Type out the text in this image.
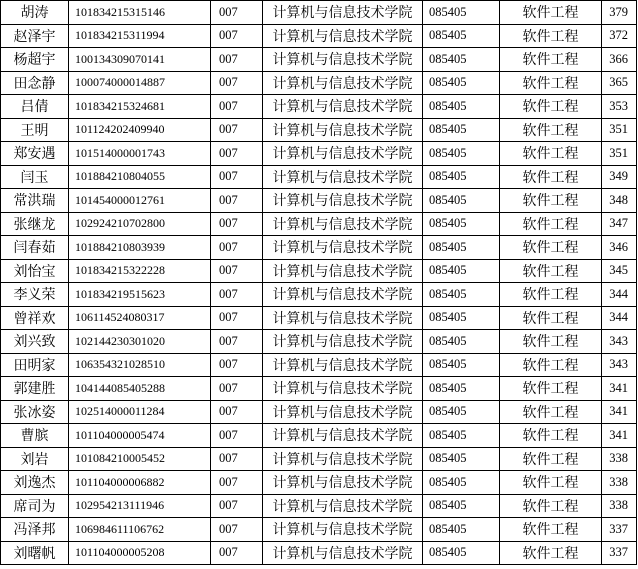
胡涛	101834215315146	007	计算机与信息技术学院	085405	软件工程	379
赵泽宇	101834215311994	007	计算机与信息技术学院	085405	软件工程	372
杨超宇	100134309070141	007	计算机与信息技术学院	085405	软件工程	366
田念静	100074000014887	007	计算机与信息技术学院	085405	软件工程	365
吕倩	101834215324681	007	计算机与信息技术学院	085405	软件工程	353
王明	101124202409940	007	计算机与信息技术学院	085405	软件工程	351
郑安遇	101514000001743	007	计算机与信息技术学院	085405	软件工程	351
闫玉	101884210804055	007	计算机与信息技术学院	085405	软件工程	349
常洪瑞	101454000012761	007	计算机与信息技术学院	085405	软件工程	348
张继龙	102924210702800	007	计算机与信息技术学院	085405	软件工程	347
闫春茹	101884210803939	007	计算机与信息技术学院	085405	软件工程	346
刘怡宝	101834215322228	007	计算机与信息技术学院	085405	软件工程	345
李义荣	101834219515623	007	计算机与信息技术学院	085405	软件工程	344
曾祥欢	106114524080317	007	计算机与信息技术学院	085405	软件工程	344
刘兴致	102144230301020	007	计算机与信息技术学院	085405	软件工程	343
田明家	106354321028510	007	计算机与信息技术学院	085405	软件工程	343
郭建胜	104144085405288	007	计算机与信息技术学院	085405	软件工程	341
张冰姿	102514000011284	007	计算机与信息技术学院	085405	软件工程	341
曹膑	101104000005474	007	计算机与信息技术学院	085405	软件工程	341
刘岩	101084210005452	007	计算机与信息技术学院	085405	软件工程	338
刘逸杰	101104000006882	007	计算机与信息技术学院	085405	软件工程	338
席司为	102954213111946	007	计算机与信息技术学院	085405	软件工程	338
冯泽邦	106984611106762	007	计算机与信息技术学院	085405	软件工程	337
刘曙帆	101104000005208	007	计算机与信息技术学院	085405	软件工程	337
